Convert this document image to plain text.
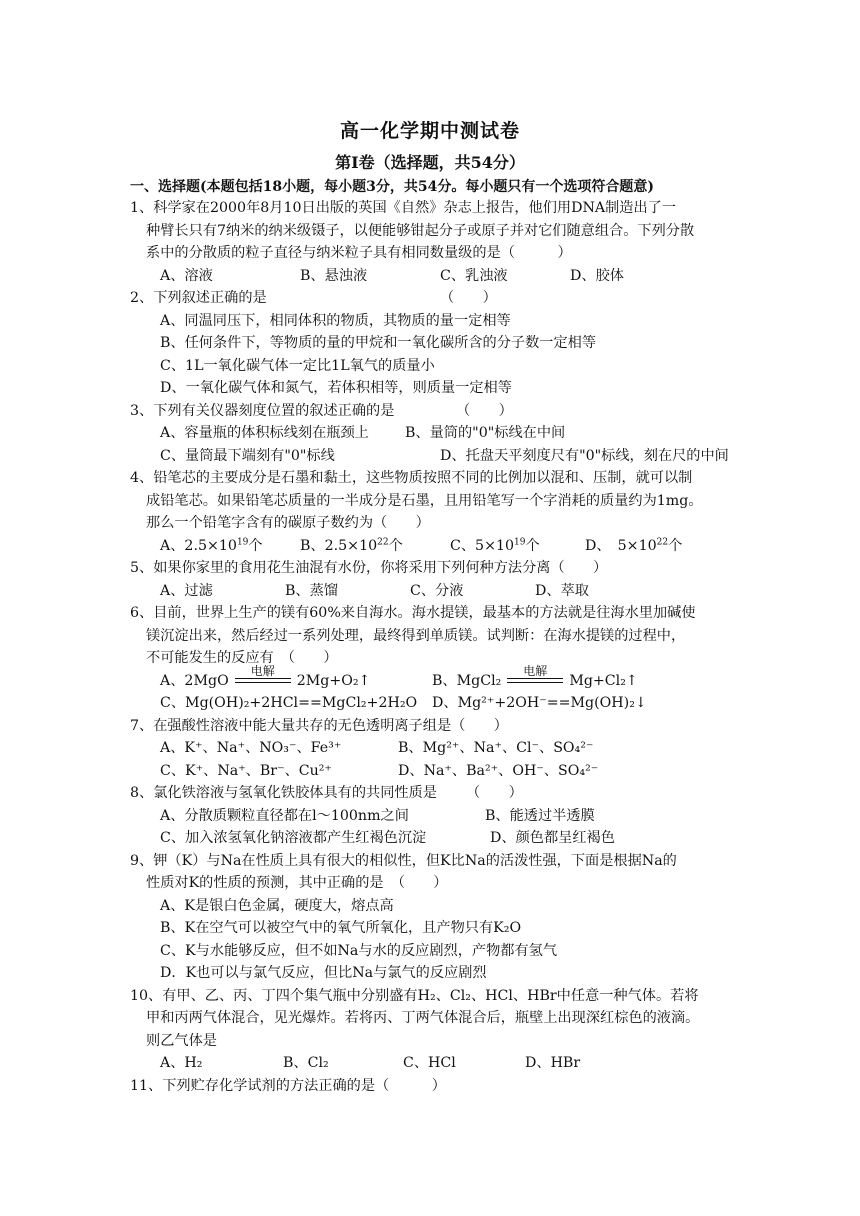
高一化学期中测试卷
第Ⅰ卷（选择题，共54分）
一、选择题(本题包括18小题，每小题3分，共54分。每小题只有一个选项符合题意)
1、科学家在2000年8月10日出版的英国《自然》杂志上报告，他们用DNA制造出了一
种臂长只有7纳米的纳米级镊子，以便能够钳起分子或原子并对它们随意组合。下列分散
系中的分散质的粒子直径与纳米粒子具有相同数量级的是（　　　）
A、溶液	B、悬浊液	C、乳浊液	D、胶体
2、下列叙述正确的是	（　　）
A、同温同压下，相同体积的物质，其物质的量一定相等
B、任何条件下，等物质的量的甲烷和一氧化碳所含的分子数一定相等
C、1L一氧化碳气体一定比1L氧气的质量小
D、一氧化碳气体和氮气，若体积相等，则质量一定相等
3、下列有关仪器刻度位置的叙述正确的是	（　　）
A、容量瓶的体积标线刻在瓶颈上	B、量筒的"0"标线在中间
C、量筒最下端刻有"0"标线	D、托盘天平刻度尺有"0"标线，刻在尺的中间
4、铅笔芯的主要成分是石墨和黏土，这些物质按照不同的比例加以混和、压制，就可以制
成铅笔芯。如果铅笔芯质量的一半成分是石墨，且用铅笔写一个字消耗的质量约为1mg。
那么一个铅笔字含有的碳原子数约为（　　）
A、$2.5\times 10^{19}$个	B、$2.5\times 10^{22}$个	C、$5\times 10^{19}$个	D、　$5\times 10^{22}$个
5、如果你家里的食用花生油混有水份，你将采用下列何种方法分离（　　）
A、过滤	B、蒸馏	C、分液	D、萃取
6、目前，世界上生产的镁有60%来自海水。海水提镁，最基本的方法就是往海水里加碱使
镁沉淀出来，然后经过一系列处理，最终得到单质镁。试判断：在海水提镁的过程中，
不可能发生的反应有　（　　）
A、2MgO
电解
2Mg+O₂↑	B、MgCl₂
电解
Mg+Cl₂↑
C、Mg(OH)₂+2HCl==MgCl₂+2H₂O D、Mg²⁺+2OH⁻==Mg(OH)₂↓
7、在强酸性溶液中能大量共存的无色透明离子组是（　　）
A、K⁺、Na⁺、NO₃⁻、Fe³⁺	B、Mg²⁺、Na⁺、Cl⁻、SO₄²⁻
C、K⁺、Na⁺、Br⁻、Cu²⁺	D、Na⁺、Ba²⁺、OH⁻、SO₄²⁻
8、氯化铁溶液与氢氧化铁胶体具有的共同性质是 （　　）
A、分散质颗粒直径都在l～100nm之间	B、能透过半透膜
C、加入浓氢氧化钠溶液都产生红褐色沉淀	D、颜色都呈红褐色
9、钾（K）与Na在性质上具有很大的相似性，但K比Na的活泼性强，下面是根据Na的
性质对K的性质的预测，其中正确的是　（　　）
A、K是银白色金属，硬度大，熔点高
B、K在空气可以被空气中的氧气所氧化，且产物只有K₂O
C、K与水能够反应，但不如Na与水的反应剧烈，产物都有氢气
D．K也可以与氯气反应，但比Na与氯气的反应剧烈
10、有甲、乙、丙、丁四个集气瓶中分别盛有H₂、Cl₂、HCl、HBr中任意一种气体。若将
甲和丙两气体混合，见光爆炸。若将丙、丁两气体混合后，瓶壁上出现深红棕色的液滴。
则乙气体是
A、H₂	B、Cl₂	C、HCl	D、HBr
11、下列贮存化学试剂的方法正确的是（　　　）
